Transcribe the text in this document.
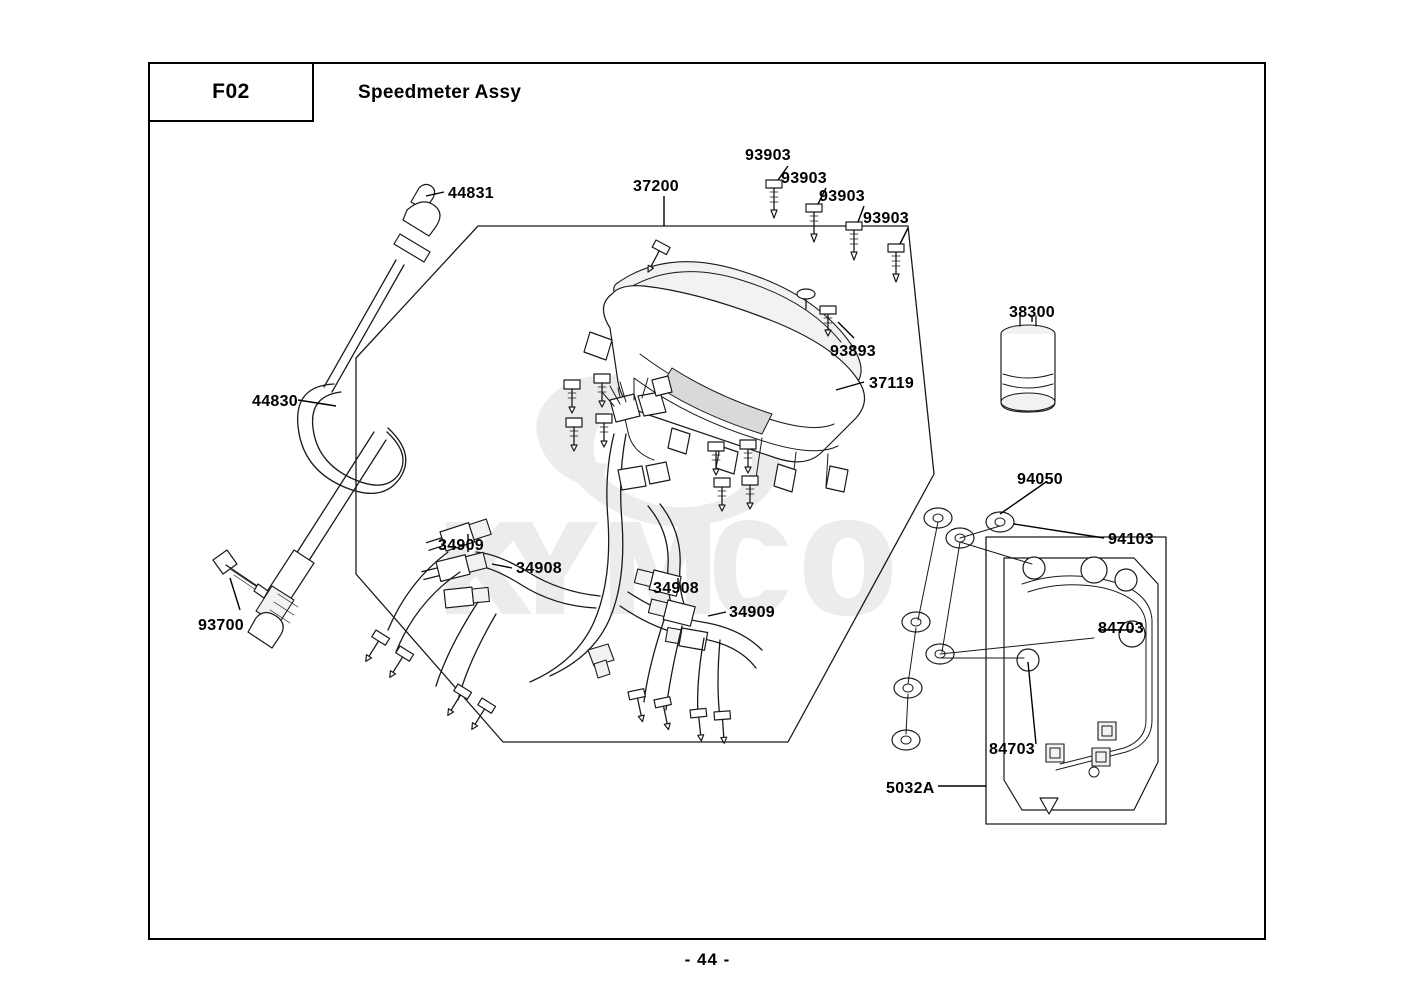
F02	Speedmeter Assy
44831	37200
93903
93903
93903
93903
38300
93893
37119
44830
94050
94103
34909
34908
34908
34909
84703
93700
84703
5032A
- 44 -
